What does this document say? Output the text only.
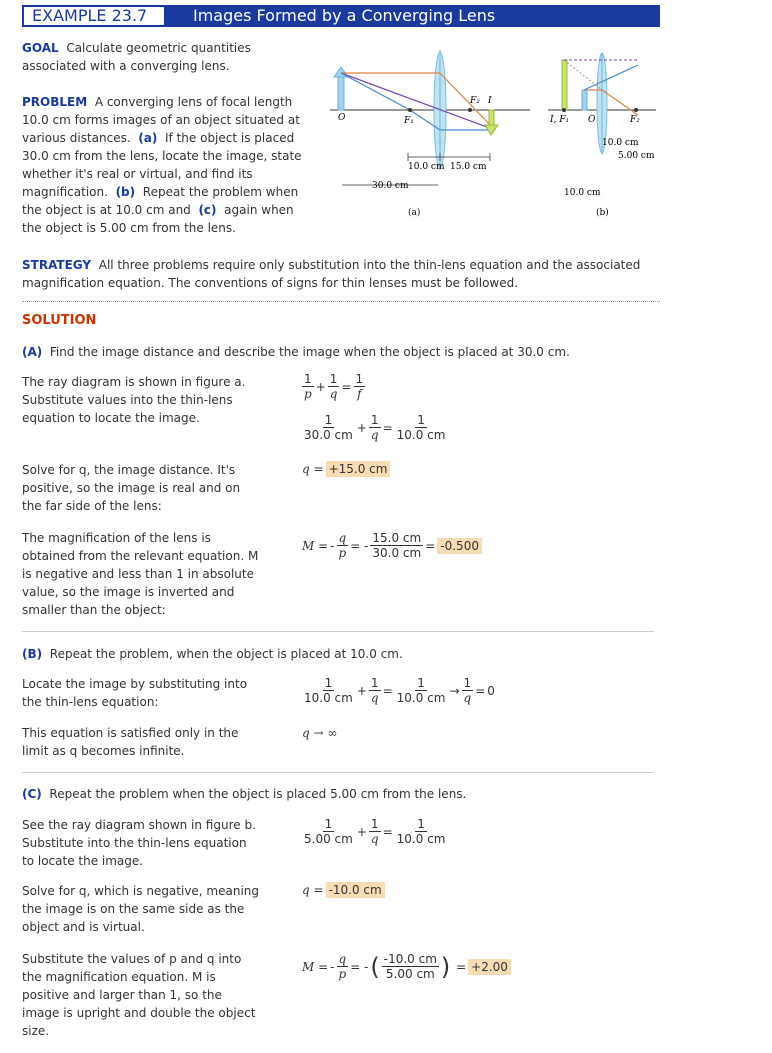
EXAMPLE 23.7	Images Formed by a Converging Lens
GOAL Calculate geometric quantities
associated with a converging lens.
PROBLEM A converging lens of focal length
10.0 cm forms images of an object situated at
various distances. (a) If the object is placed
30.0 cm from the lens, locate the image, state
whether it's real or virtual, and find its
magnification. (b) Repeat the problem when
the object is at 10.0 cm and (c) again when
the object is 5.00 cm from the lens.
O	F₁
F₂ I
10.0 cm 15.0 cm
30.0 cm
(a)
I, F₁ O	F₂
10.0 cm
5.00 cm
10.0 cm
(b)
STRATEGY All three problems require only substitution into the thin-lens equation and the associated
magnification equation. The conventions of signs for thin lenses must be followed.
SOLUTION
(A) Find the image distance and describe the image when the object is placed at 30.0 cm.
The ray diagram is shown in figure a.
Substitute values into the thin-lens
equation to locate the image.
$\frac{1}{p} + \frac{1}{q} = \frac{1}{f}$
$\frac{1}{30.0 cm} + \frac{1}{q} = \frac{1}{10.0 cm}$
Solve for q, the image distance. It's
positive, so the image is real and on
the far side of the lens:
q = +15.0 cm
The magnification of the lens is
obtained from the relevant equation. M
is negative and less than 1 in absolute
value, so the image is inverted and
smaller than the object:
M = - $\frac{q}{p}$ = - $\frac{15.0 cm}{30.0 cm} = -0.500$
(B) Repeat the problem, when the object is placed at 10.0 cm.
Locate the image by substituting into
the thin-lens equation:	$\frac{1}{10.0 cm} + \frac{1}{q} = \frac{1}{10.0 cm} \to \frac{1}{q} = 0$
This equation is satisfied only in the
limit as q becomes infinite.
q → ∞
(C) Repeat the problem when the object is placed 5.00 cm from the lens.
See the ray diagram shown in figure b.
Substitute into the thin-lens equation
to locate the image.
$\frac{1}{5.00 cm} + \frac{1}{q} = \frac{1}{10.0 cm}$
Solve for q, which is negative, meaning
the image is on the same side as the
object and is virtual.
q = -10.0 cm
Substitute the values of p and q into
the magnification equation. M is
positive and larger than 1, so the
image is upright and double the object
size.
M = - $\frac{q}{p}$ = - ( $\frac{-10.0 cm}{5.00 cm}$ ) = +2.00
